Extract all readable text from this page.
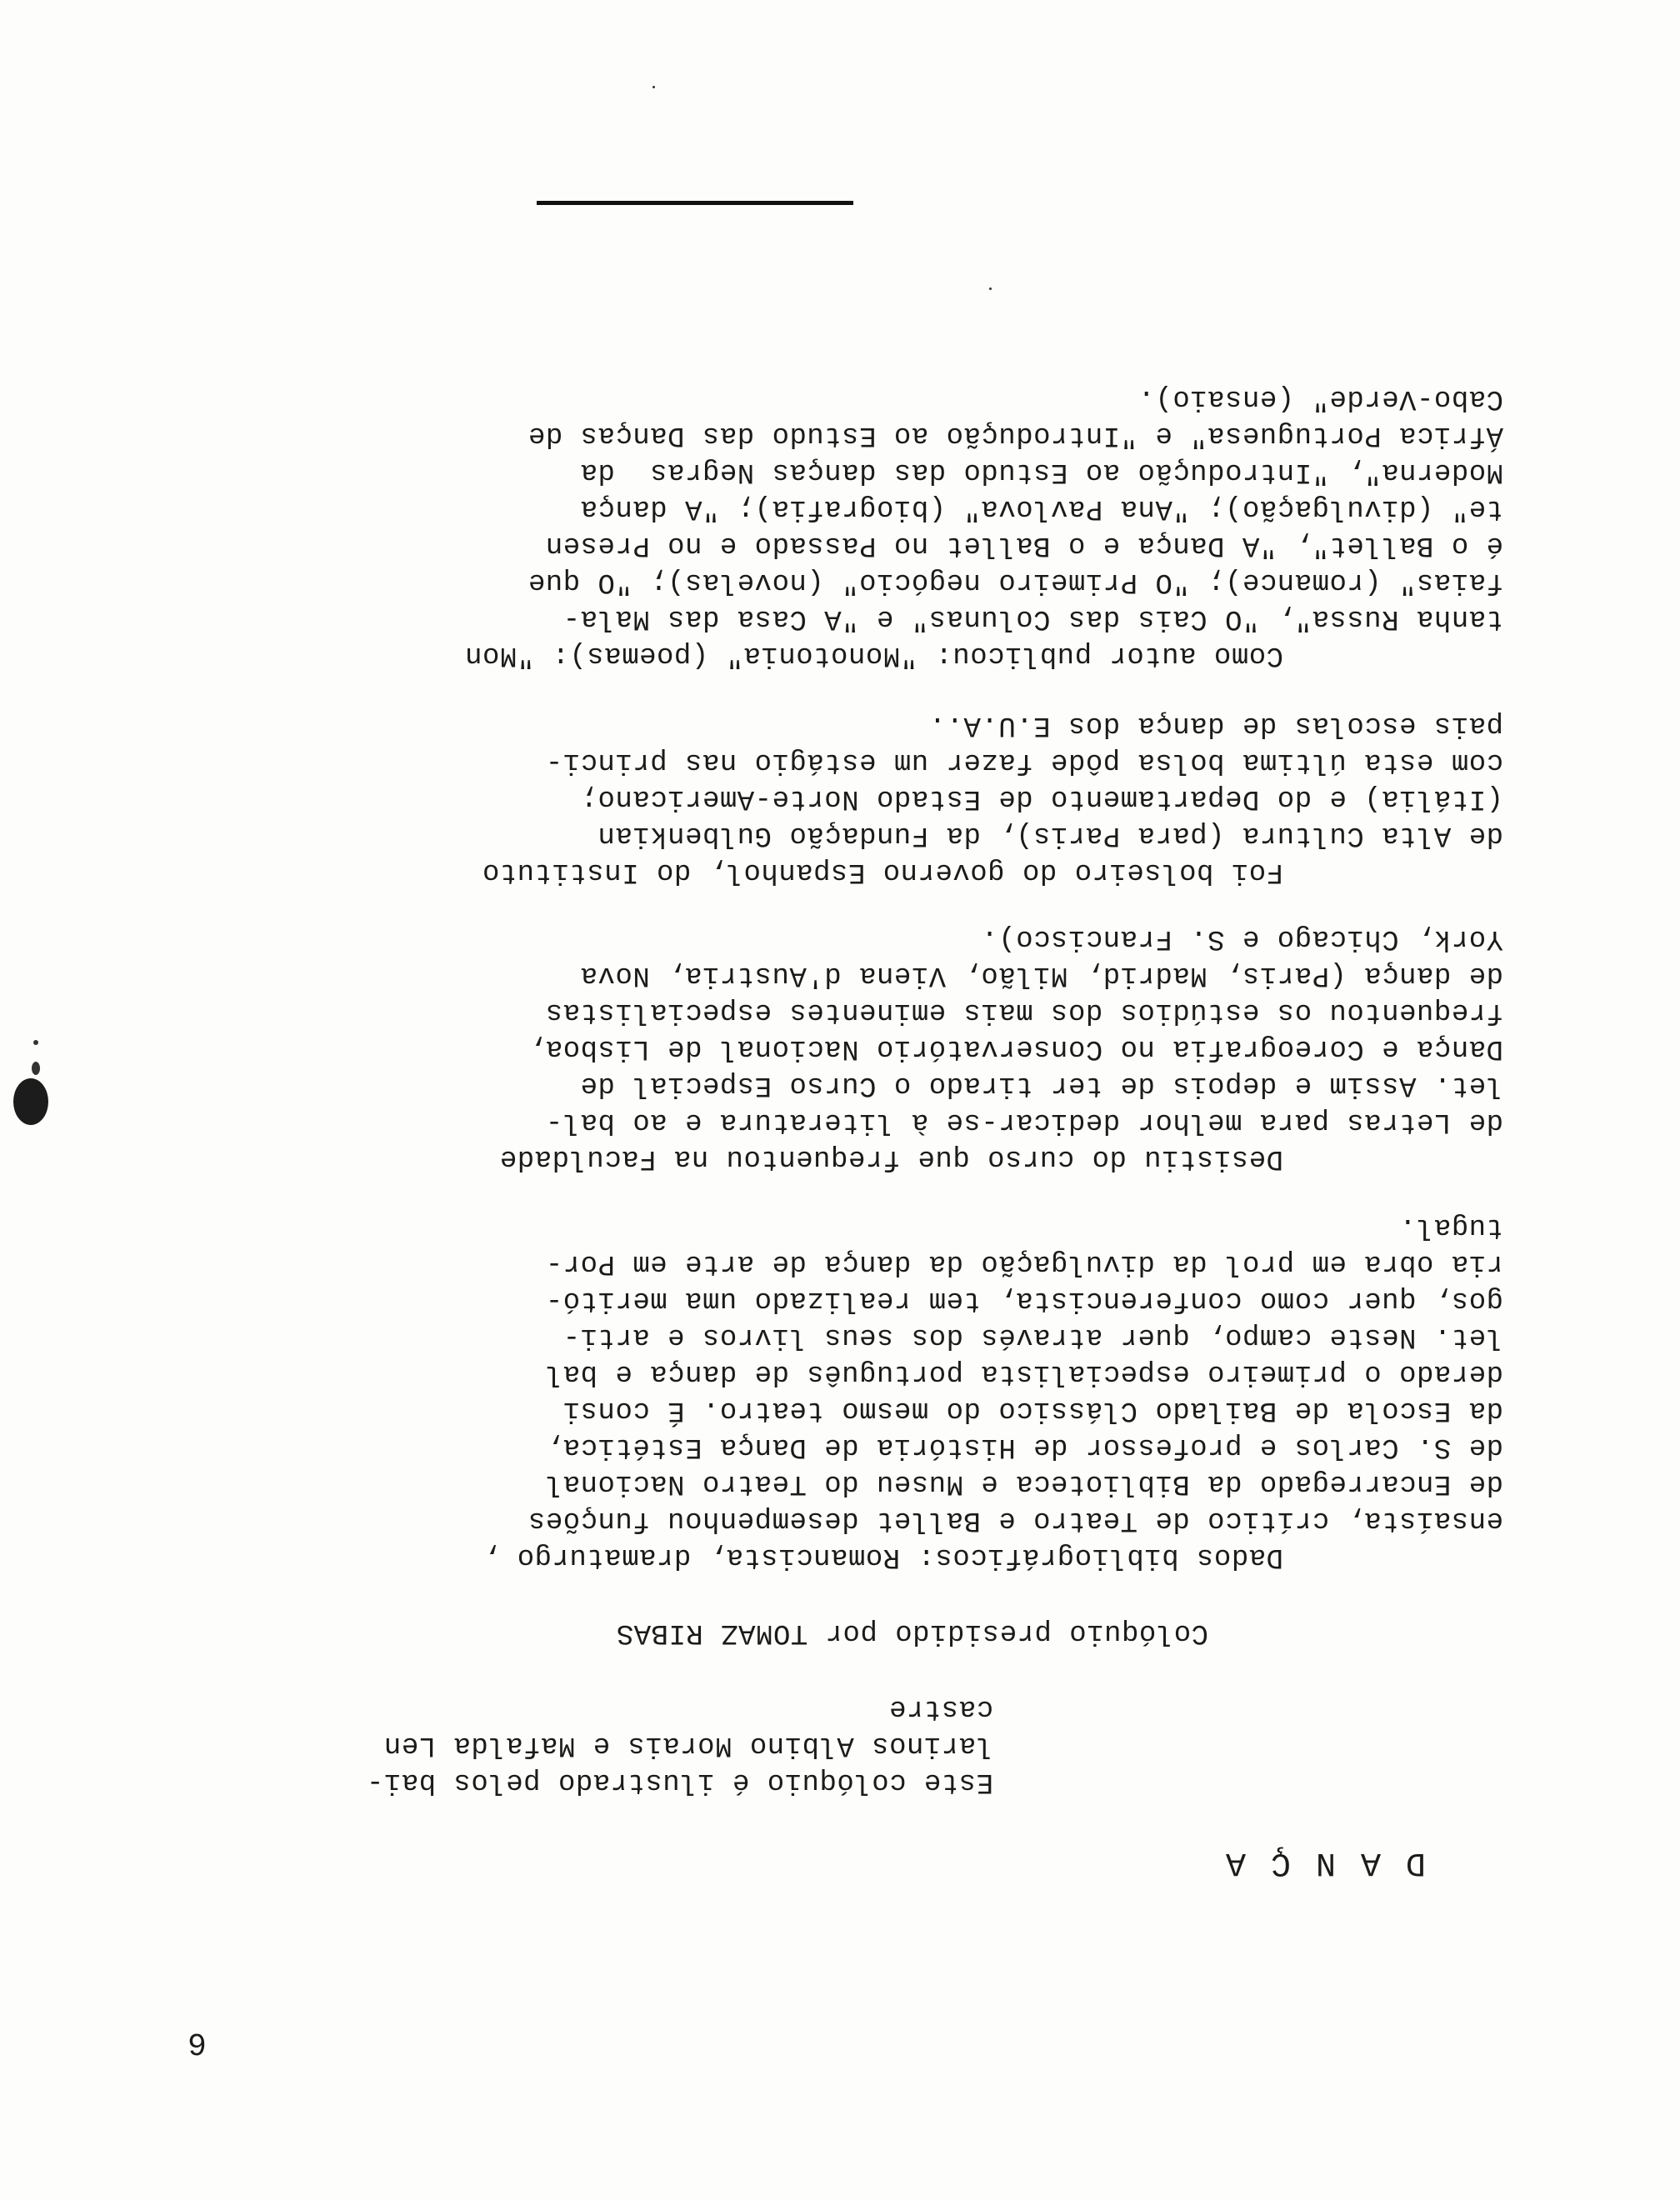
6
DANÇA
Este colóquio é ilustrado pelos bai-
larinos Albino Morais e Mafalda Len
castre
Colóquio presidido por TOMAZ RIBAS
Dados bibliográficos: Romancista, dramaturgo ,
ensaísta, crítico de Teatro e Ballet desempenhou funções
de Encarregado da Biblioteca e Museu do Teatro Nacional
de S. Carlos e professor de História de Dança Estética,
da Escola de Bailado Clássico do mesmo teatro. É consi
derado o primeiro especialista português de dança e bal
let. Neste campo, quer através dos seus livros e arti-
gos, quer como conferencista, tem realizado uma meritó-
ria obra em prol da divulgação da dança de arte em Por-
tugal.
Desistiu do curso que frequentou na Faculdade
de Letras para melhor dedicar-se à literatura e ao bal-
let. Assim e depois de ter tirado o Curso Especial de
Dança e Coreografia no Conservatório Nacional de Lisboa,
frequentou os estúdios dos mais eminentes especialistas
de dança (Paris, Madrid, Milão, Viena d'Austria, Nova
York, Chicago e S. Francisco).
Foi bolseiro do governo Espanhol, do Instituto
de Alta Cultura (para Paris), da Fundação Gulbenkian
(Itália) e do Departamento de Estado Norte-Americano;
com esta última bolsa pôde fazer um estágio nas princi-
pais escolas de dança dos E.U.A..
Como autor publicou: "Monotonia" (poemas): "Mon
tanha Russa", "O Cais das Colunas" e "A Casa das Mala-
faias" (romance); "O Primeiro negócio" (novelas); "O que
é o Ballet", "A Dança e o Ballet no Passado e no Presen
te" (divulgação); "Ana Pavlova" (biografia); "A dança
Moderna", "Introdução ao Estudo das danças Negras  da
África Portuguesa" e "Introdução ao Estudo das Danças de
Cabo-Verde" (ensaio).
